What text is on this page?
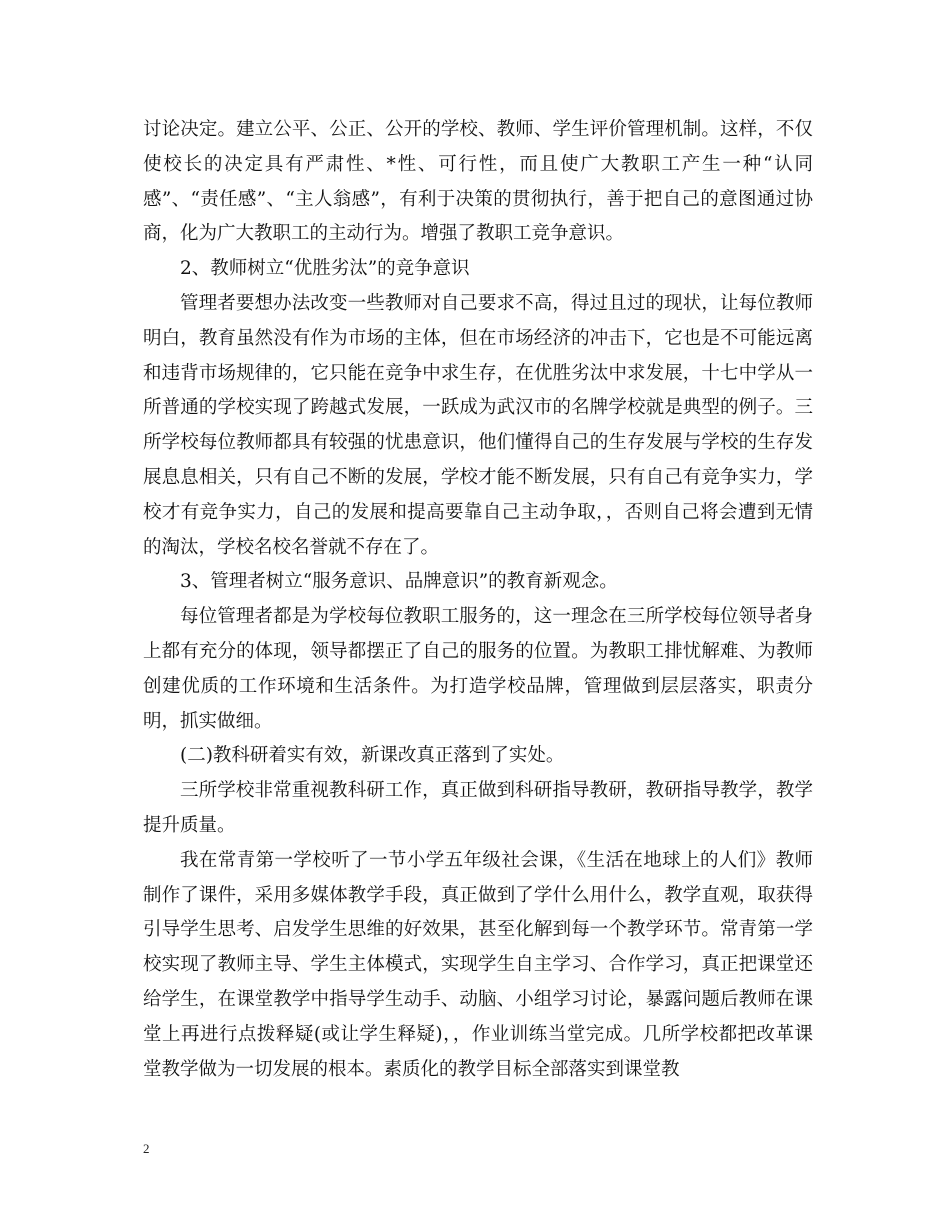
讨论决定。建立公平、公正、公开的学校、教师、学生评价管理机制。这样，不仅使校长的决定具有严肃性、*性、可行性，而且使广大教职工产生一种“认同感”、“责任感”、“主人翁感”，有利于决策的贯彻执行，善于把自己的意图通过协商，化为广大教职工的主动行为。增强了教职工竞争意识。

2、教师树立“优胜劣汰”的竞争意识

管理者要想办法改变一些教师对自己要求不高，得过且过的现状，让每位教师明白，教育虽然没有作为市场的主体，但在市场经济的冲击下，它也是不可能远离和违背市场规律的，它只能在竞争中求生存，在优胜劣汰中求发展，十七中学从一所普通的学校实现了跨越式发展，一跃成为武汉市的名牌学校就是典型的例子。三所学校每位教师都具有较强的忧患意识，他们懂得自己的生存发展与学校的生存发展息息相关，只有自己不断的发展，学校才能不断发展，只有自己有竞争实力，学校才有竞争实力，自己的发展和提高要靠自己主动争取，，否则自己将会遭到无情的淘汰，学校名校名誉就不存在了。

3、管理者树立“服务意识、品牌意识”的教育新观念。

每位管理者都是为学校每位教职工服务的，这一理念在三所学校每位领导者身上都有充分的体现，领导都摆正了自己的服务的位置。为教职工排忧解难、为教师创建优质的工作环境和生活条件。为打造学校品牌，管理做到层层落实，职责分明，抓实做细。

(二)教科研着实有效，新课改真正落到了实处。

三所学校非常重视教科研工作，真正做到科研指导教研，教研指导教学，教学提升质量。

我在常青第一学校听了一节小学五年级社会课，《生活在地球上的人们》教师制作了课件，采用多媒体教学手段，真正做到了学什么用什么，教学直观，取获得引导学生思考、启发学生思维的好效果，甚至化解到每一个教学环节。常青第一学校实现了教师主导、学生主体模式，实现学生自主学习、合作学习，真正把课堂还给学生，在课堂教学中指导学生动手、动脑、小组学习讨论，暴露问题后教师在课堂上再进行点拨释疑(或让学生释疑)，，作业训练当堂完成。几所学校都把改革课堂教学做为一切发展的根本。素质化的教学目标全部落实到课堂教

2
